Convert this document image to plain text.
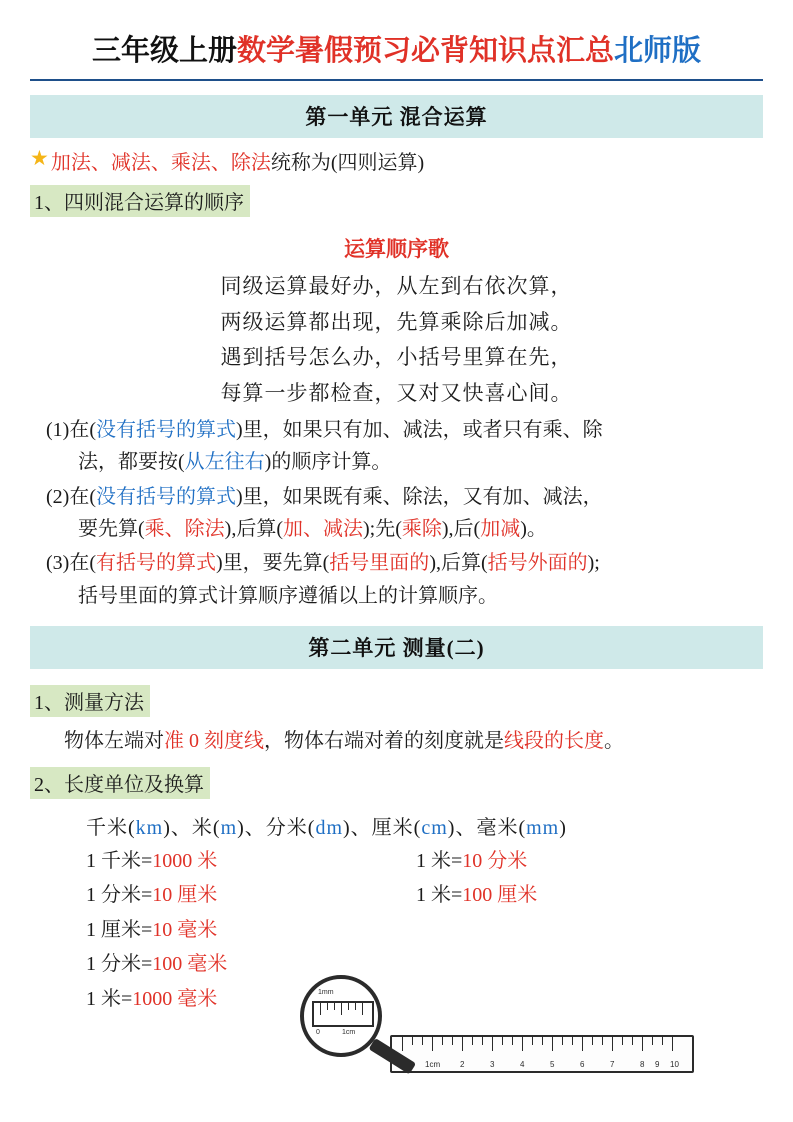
三年级上册数学暑假预习必背知识点汇总北师版
第一单元 混合运算
★ 加法、减法、乘法、除法统称为(四则运算)
1、四则混合运算的顺序
运算顺序歌
同级运算最好办，从左到右依次算，
两级运算都出现，先算乘除后加减。
遇到括号怎么办，小括号里算在先，
每算一步都检查，又对又快喜心间。
(1)在(没有括号的算式)里，如果只有加、减法，或者只有乘、除
法，都要按(从左往右)的顺序计算。
(2)在(没有括号的算式)里，如果既有乘、除法，又有加、减法，
要先算(乘、除法),后算(加、减法);先(乘除),后(加减)。
(3)在(有括号的算式)里，要先算(括号里面的),后算(括号外面的);
括号里面的算式计算顺序遵循以上的计算顺序。
第二单元 测量(二)
1、测量方法
物体左端对准 0 刻度线，物体右端对着的刻度就是线段的长度。
2、长度单位及换算
千米(km)、米(m)、分米(dm)、厘米(cm)、毫米(mm)
1 千米=1000 米	1 米=10 分米
1 分米=10 厘米	1 米=100 厘米
1 厘米=10 毫米
1 分米=100 毫米
1 米=1000 毫米
1cm 2	3	4	5	6	7	8 9 10
1mm
0	1cm
